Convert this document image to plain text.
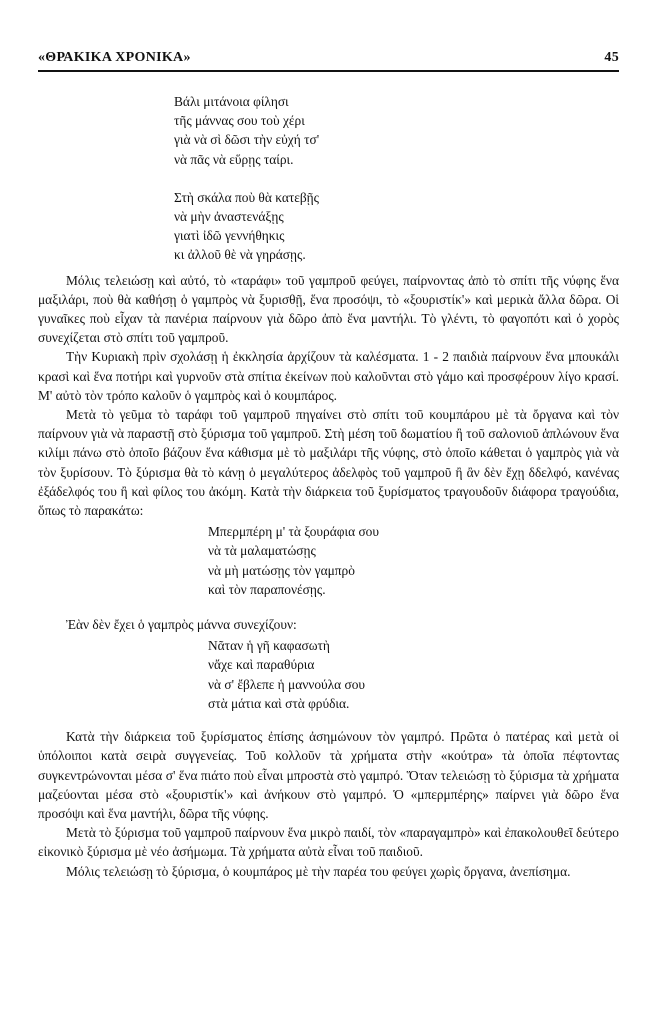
«ΘΡΑΚΙΚΑ ΧΡΟΝΙΚΑ»	45
Βάλι μιτάνοια φίλησι
τῆς μάννας σου τοὺ χέρι
γιὰ νὰ σὶ δῶσι τὴν εὐχή τσ'
νὰ πᾶς νὰ εὕρῃς ταίρι.
Στὴ σκάλα ποὺ θὰ κατεβῇς
νὰ μὴν ἀναστενάξῃς
γιατὶ ἰδῶ γεννήθηκις
κι ἀλλοῦ θὲ νὰ γηράσῃς.

Μόλις τελειώσῃ καὶ αὐτό, τὸ «ταράφι» τοῦ γαμπροῦ φεύγει, παίρνοντας ἀπὸ τὸ σπίτι τῆς νύφης ἕνα μαξιλάρι, ποὺ θὰ καθήσῃ ὁ γαμπρὸς νὰ ξυρισθῇ, ἕνα προσόψι, τὸ «ξουριστίκ'» καὶ μερικὰ ἄλλα δῶρα. Οἱ γυναῖκες ποὺ εἶχαν τὰ πανέρια παίρνουν γιὰ δῶρο ἀπὸ ἕνα μαντήλι. Τὸ γλέντι, τὸ φαγοπότι καὶ ὁ χορὸς συνεχίζεται στὸ σπίτι τοῦ γαμπροῦ.

Τὴν Κυριακὴ πρὶν σχολάσῃ ἡ ἐκκλησία ἀρχίζουν τὰ καλέσματα. 1 - 2 παιδιὰ παίρνουν ἕνα μπουκάλι κρασὶ καὶ ἕνα ποτήρι καὶ γυρνοῦν στὰ σπίτια ἐκείνων ποὺ καλοῦνται στὸ γάμο καὶ προσφέρουν λίγο κρασί. Μ' αὐτὸ τὸν τρόπο καλοῦν ὁ γαμπρὸς καὶ ὁ κουμπάρος.

Μετὰ τὸ γεῦμα τὸ ταράφι τοῦ γαμπροῦ πηγαίνει στὸ σπίτι τοῦ κουμπάρου μὲ τὰ ὄργανα καὶ τὸν παίρνουν γιὰ νὰ παραστῇ στὸ ξύρισμα τοῦ γαμπροῦ. Στὴ μέση τοῦ δωματίου ἢ τοῦ σαλονιοῦ ἁπλώνουν ἕνα κιλίμι πάνω στὸ ὁποῖο βάζουν ἕνα κάθισμα μὲ τὸ μαξιλάρι τῆς νύφης, στὸ ὁποῖο κάθεται ὁ γαμπρὸς γιὰ νὰ τὸν ξυρίσουν. Τὸ ξύρισμα θὰ τὸ κάνῃ ὁ μεγαλύτερος ἀδελφὸς τοῦ γαμπροῦ ἢ ἂν δὲν ἔχῃ δδελφό, κανένας ἐξάδελφός του ἢ καὶ φίλος του ἀκόμη. Κατὰ τὴν διάρκεια τοῦ ξυρίσματος τραγουδοῦν διάφορα τραγούδια, ὅπως τὸ παρακάτω:

Μπερμπέρη μ' τὰ ξουράφια σου
νὰ τὰ μαλαματώσῃς
νὰ μὴ ματώσῃς τὸν γαμπρὸ
καὶ τὸν παραπονέσῃς.

Ἐὰν δὲν ἔχει ὁ γαμπρὸς μάννα συνεχίζουν:

Νᾶταν ἡ γῆ καφασωτὴ
νἄχε καὶ παραθύρια
νὰ σ' ἔβλεπε ἡ μαννούλα σου
στὰ μάτια καὶ στὰ φρύδια.

Κατὰ τὴν διάρκεια τοῦ ξυρίσματος ἐπίσης ἀσημώνουν τὸν γαμπρό. Πρῶτα ὁ πατέρας καὶ μετὰ οἱ ὑπόλοιποι κατὰ σειρὰ συγγενείας. Τοῦ κολλοῦν τὰ χρήματα στὴν «κούτρα» τὰ ὁποῖα πέφτοντας συγκεντρώνονται μέσα σ' ἕνα πιάτο ποὺ εἶναι μπροστὰ στὸ γαμπρό. Ὅταν τελειώσῃ τὸ ξύρισμα τὰ χρήματα μαζεύονται μέσα στὸ «ξουριστίκ'» καὶ ἀνήκουν στὸ γαμπρό. Ὁ «μπερμπέρης» παίρνει γιὰ δῶρο ἕνα προσόψι καὶ ἕνα μαντήλι, δῶρα τῆς νύφης.

Μετὰ τὸ ξύρισμα τοῦ γαμπροῦ παίρνουν ἕνα μικρὸ παιδί, τὸν «παραγαμπρὸ» καὶ ἐπακολουθεῖ δεύτερο εἰκονικὸ ξύρισμα μὲ νέο ἀσήμωμα. Τὰ χρήματα αὐτὰ εἶναι τοῦ παιδιοῦ.

Μόλις τελειώσῃ τὸ ξύρισμα, ὁ κουμπάρος μὲ τὴν παρέα του φεύγει χωρὶς ὄργανα, ἀνεπίσημα.
